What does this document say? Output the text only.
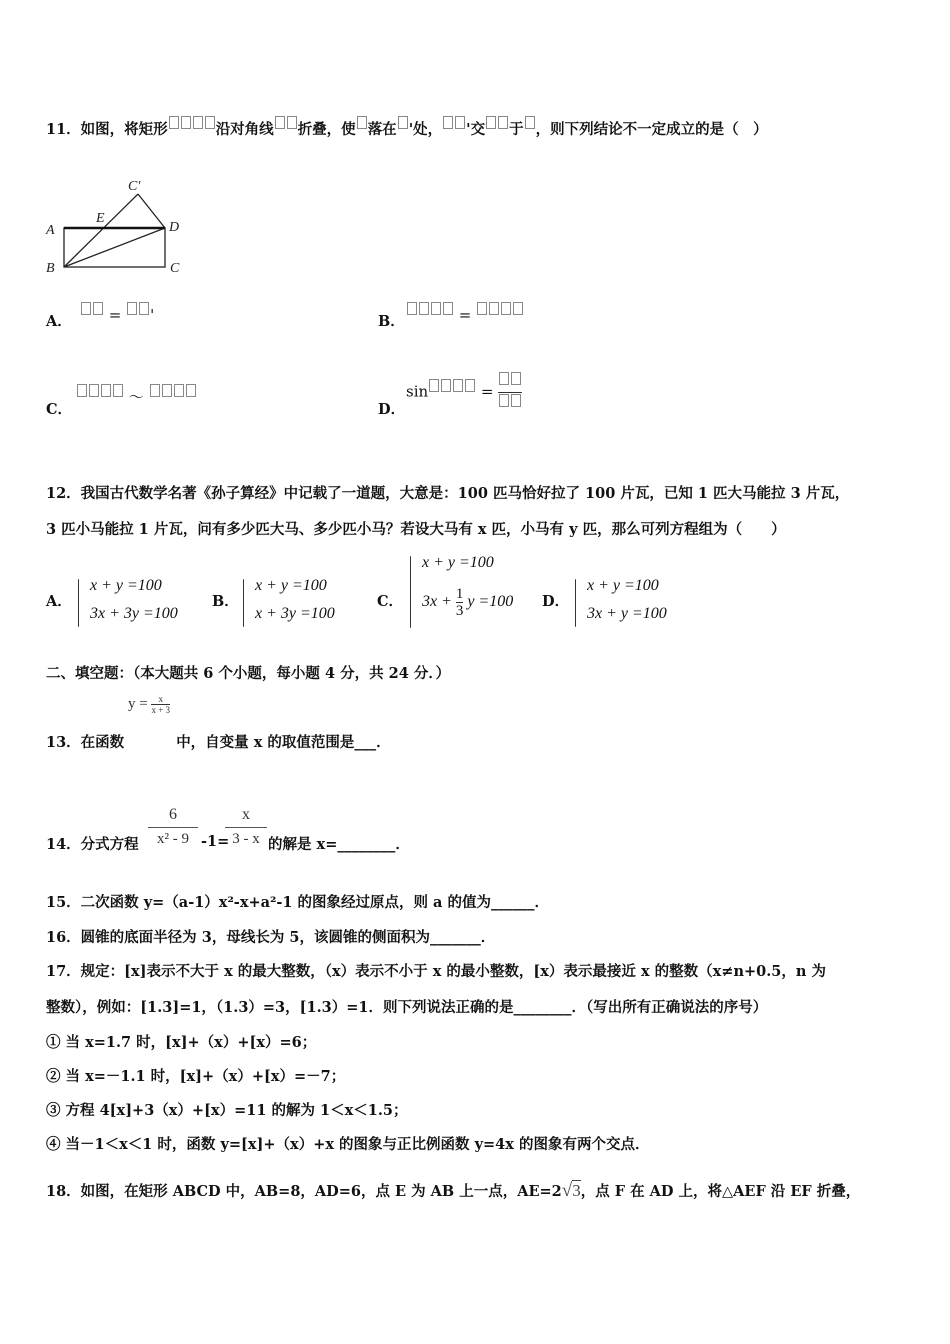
11．如图，将矩形	沿对角线 折叠，使 落在 '处， '交 于 ，则下列结论不一定成立的是（　）
C'
E
A	D
B	C
A．	= '	B．	=
C．
～
D．
sin	=

12．我国古代数学名著《孙子算经》中记载了一道题，大意是：100 匹马恰好拉了 100 片瓦，已知 1 匹大马能拉 3 片瓦，
3 匹小马能拉 1 片瓦，问有多少匹大马、多少匹小马？若设大马有 x 匹，小马有 y 匹，那么可列方程组为（　　）
A．
x + y =100
3x + 3y =100
B．
x + y =100
x + 3y =100
C．
x + y =100
$3x + \frac{1}{3}$ y =100 D．
x + y =100
3x + y =100
二、填空题：（本大题共 6 个小题，每小题 4 分，共 24 分．）
$y = \frac{x}{x + 3}$
13．在函数	中，自变量 x 的取值范围是___．
14．分式方程
6
x² - 9 -1=
x
3 - x 的解是 x=________．
15．二次函数 y=（a-1）x²-x+a²-1 的图象经过原点，则 a 的值为______．
16．圆锥的底面半径为 3，母线长为 5，该圆锥的侧面积为_______．
17．规定：[x]表示不大于 x 的最大整数，（x）表示不小于 x 的最小整数，[x）表示最接近 x 的整数（x≠n+0.5，n 为
整数），例如：[1.3]=1，（1.3）=3，[1.3）=1．则下列说法正确的是________．（写出所有正确说法的序号）
① 当 x=1.7 时，[x]+（x）+[x）=6；
② 当 x=－1.1 时，[x]+（x）+[x）=－7；
③ 方程 4[x]+3（x）+[x）=11 的解为 1＜x＜1.5；
④ 当－1＜x＜1 时，函数 y=[x]+（x）+x 的图象与正比例函数 y=4x 的图象有两个交点．
18．如图，在矩形 ABCD 中，AB=8，AD=6，点 E 为 AB 上一点，AE=2√3，点 F 在 AD 上，将△AEF 沿 EF 折叠，
